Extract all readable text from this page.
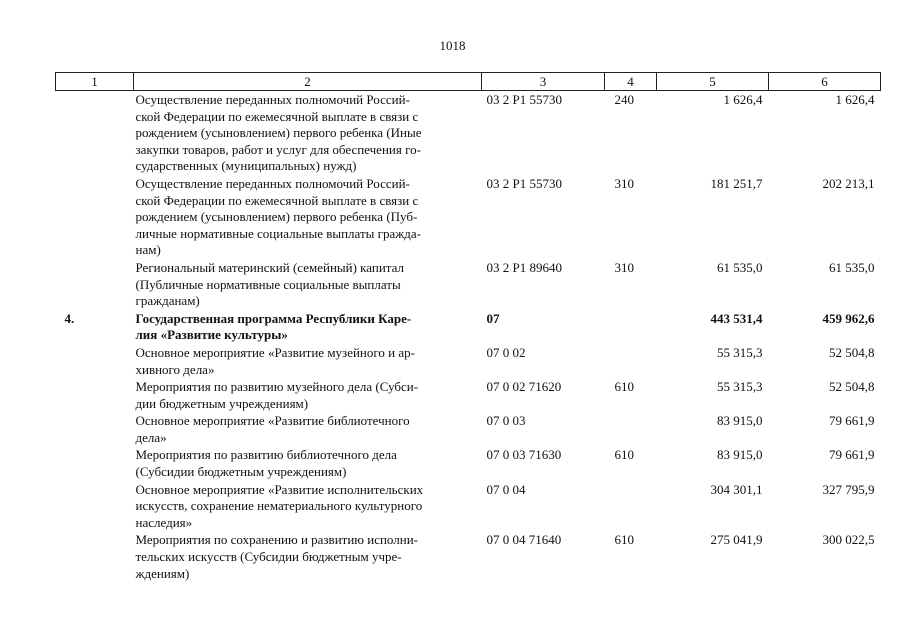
1018
1	2	3	4	5	6

	Осуществление переданных полномочий Россий-
ской Федерации по ежемесячной выплате в связи с
рождением (усыновлением) первого ребенка (Иные
закупки товаров, работ и услуг для обеспечения го-
сударственных (муниципальных) нужд)	03 2 P1 55730	240	1 626,4	1 626,4

	Осуществление переданных полномочий Россий-
ской Федерации по ежемесячной выплате в связи с
рождением (усыновлением) первого ребенка (Пуб-
личные нормативные социальные выплаты гражда-
нам)	03 2 P1 55730	310	181 251,7	202 213,1

	Региональный материнский (семейный) капитал
(Публичные нормативные социальные выплаты
гражданам)	03 2 P1 89640	310	61 535,0	61 535,0
4.	Государственная программа Республики Каре-
лия «Развитие культуры»	07		443 531,4	459 962,6

	Основное мероприятие «Развитие музейного и ар-
хивного дела»	07 0 02		55 315,3	52 504,8

	Мероприятия по развитию музейного дела (Субси-
дии бюджетным учреждениям)	07 0 02 71620	610	55 315,3	52 504,8

	Основное мероприятие «Развитие библиотечного
дела»	07 0 03		83 915,0	79 661,9

	Мероприятия по развитию библиотечного дела
(Субсидии бюджетным учреждениям)	07 0 03 71630	610	83 915,0	79 661,9

	Основное мероприятие «Развитие исполнительских
искусств, сохранение нематериального культурного
наследия»	07 0 04		304 301,1	327 795,9

	Мероприятия по сохранению и развитию исполни-
тельских искусств (Субсидии бюджетным учре-
ждениям)	07 0 04 71640	610	275 041,9	300 022,5
